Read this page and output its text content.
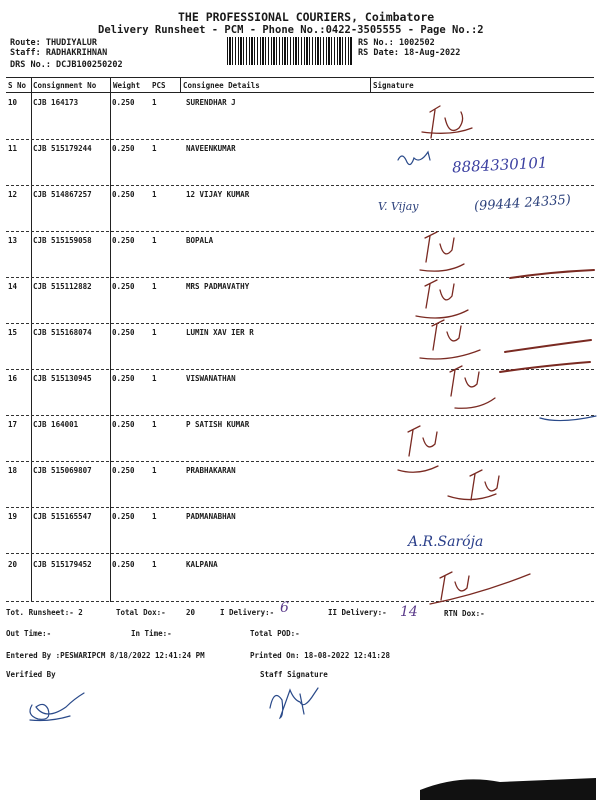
THE PROFESSIONAL COURIERS, Coimbatore
Delivery Runsheet - PCM - Phone No.:0422-3505555 - Page No.:2
Route: THUDIYALUR
Staff: RADHAKRIHNAN
DRS No.: DCJB100250202
RS No.: 1002502
RS Date: 18-Aug-2022
S No Consignment No Weight PCS Consignee Details	Signature
10 CJB 164173	0.250 1	SURENDHAR J
11 CJB 515179244	0.250 1	NAVEENKUMAR
12 CJB 514867257	0.250 1	12 VIJAY KUMAR
13 CJB 515159058	0.250 1	BOPALA
14 CJB 515112882	0.250 1	MRS PADMAVATHY
15 CJB 515168074	0.250 1	LUMIN XAV IER R
16 CJB 515130945	0.250 1	VISWANATHAN
17 CJB 164001	0.250 1	P SATISH KUMAR
18 CJB 515069807	0.250 1	PRABHAKARAN
19 CJB 515165547	0.250 1	PADMANABHAN
20 CJB 515179452	0.250 1	KALPANA
8884330101
V. Vijay	(99444 24335)
A.R.Sarója
Tot. Runsheet:- 2	Total Dox:-	20	I Delivery:- 6	II Delivery:- 14	RTN Dox:-
Out Time:-	In Time:-	Total POD:-
Entered By :PESWARIPCM 8/18/2022 12:41:24 PM	Printed On: 18-08-2022 12:41:28
Verified By	Staff Signature
